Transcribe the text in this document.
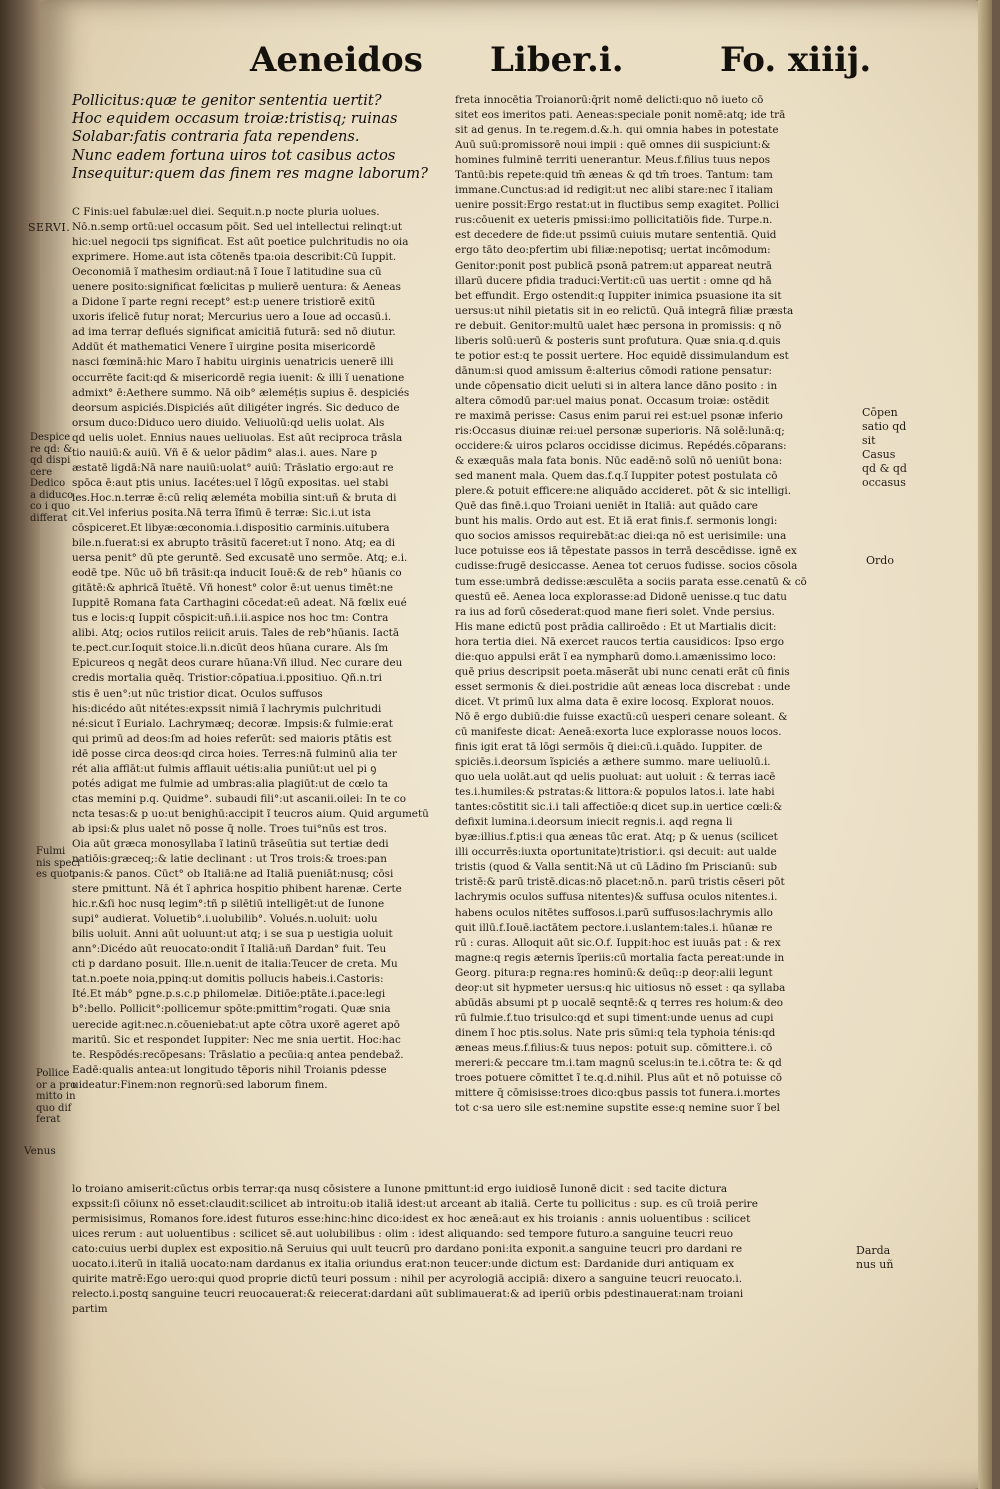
Aeneidos Liber.i.	Fo. xiiij.
Pollicitus:quæ te genitor sententia uertit?
Hoc equidem occasum troiæ:tristisq; ruinas
Solabar:fatis contraria fata rependens.
Nunc eadem fortuna uiros tot casibus actos
Insequitur:quem das finem res magne laborum?
SERVI.
Despice
re qd: &
qd dispi
cere
Dedico
a diduco
co i quo
differat
Fulmi
nis speci
es quot
Pollice
or a pro
mitto in
quo dif
ferat
Venus
Cōpen
satio qd
sit
Casus
qd & qd
occasus
Ordo
Darda
nus uñ
C Finis:uel fabulæ:uel diei. Sequit.n.p nocte pluria uolues.
Nō.n.semp ortū:uel occasum pōit. Sed uel intellectui relinqt:ut
hic:uel negocii tps significat. Est aūt poetice pulchritudis no oia
exprimere. Home.aut ista cōtenēs tpa:oia describit:Cū Iuppit.
Oeconomiā ĩ mathesim ordiaut:nā ĩ Ioue ĩ latitudine sua cū
uenere posito:significat fœlicitas p mulierē uentura: & Aeneas
a Didone ĩ parte regni recept° est:p uenere tristiorē exitū
uxoris ifelicē futuŗ norat; Mercurius uero a Ioue ad occasū.i.
ad ima terraŗ deflués significat amicitiā futurā: sed nō diutur.
Addūt ét mathematici Venere ĩ uirgine posita misericordē
nasci fœminā:hic Maro ĩ habitu uirginis uenatricis uenerē illi
occurrēte facit:qd & misericordē regia iuenit: & illi ĩ uenatione
admixt° ē:Aethere summo. Nā oib° æleméțis supius ē. despiciés
deorsum aspiciés.Dispiciés aūt diligéter ingrés. Sic deduco de
orsum duco:Diduco uero diuido. Veliuolū:qd uelis uolat. Als
qd uelis uolet. Ennius naues ueliuolas. Est aūt reciproca trāsla
tio nauiū:& auiū. Vñ ē & uelor pādim° alas.i. aues. Nare p
æstatē ligdā:Nā nare nauiū:uolat° auiū: Trāslatio ergo:aut re
spōca ē:aut ptis unius. Iacétes:uel ĩ lōgū expositas. uel stabi
les.Hoc.n.terræ ē:cū reliq æleméta mobilia sint:uñ & bruta di
cit.Vel inferius posita.Nā terra ĩfimū ē terræ: Sic.i.ut ista
cōspiceret.Et libyæ:œconomia.i.dispositio carminis.uitubera
bile.n.fuerat:si ex abrupto trāsitū faceret:ut ĩ nono. Atq; ea di
uersa penit° dū pte geruntē. Sed excusatē uno sermōe. Atq; e.i.
eodē tpe. Nūc uō bñ trāsit:qa inducit Iouē:& de reb° hūanis co
gitātē:& aphricā ĩtuētē. Vñ honest° color ē:ut uenus timēt:ne
Iuppitē Romana fata Carthagini cōcedat:eū adeat. Nā fœlix eué
tus e locis:q Iuppit cōspicit:uñ.i.ii.aspice nos hoc tm: Contra
alibi. Atq; ocios rutilos reiicit aruis. Tales de reb°hūanis. Iactā
te.pect.cur.Ioquit stoice.li.n.dicūt deos hūana curare. Als ſm
Epicureos q negāt deos curare hūana:Vñ illud. Nec curare deu
credis mortalia quēq. Tristior:cōpatiua.i.ppositiuo. Qñ.n.tri
stis ē uen°:ut nūc tristior dicat. Oculos suffusos
his:dicédo aūt nitétes:expssit nimiā ĩ lachrymis pulchritudi
né:sicut ĩ Eurialo. Lachrymæq; decoræ. Impsis:& fulmie:erat
qui primū ad deos:ſm ad hoies referūt: sed maioris ptātis est
idē posse circa deos:qd circa hoies. Terres:nā fulminū alia ter
rét alia afflāt:ut fulmis afflauit uétis:alia puniūt:ut uel pi ꝯ
potés adigat me fulmie ad umbras:alia plagiūt:ut de cœlo ta
ctas memini p.q. Quidme°. subaudi fili°:ut ascanii.oilei: In te co
ncta tesas:& p uo:ut benighū:accipit ĩ teucros aium. Quid argumetū
ab ipsi:& plus ualet nō posse q̄ nolle. Troes tui°nūs est tros.
Oia aūt græca monosyllaba ĩ latinū trāseūtia sut tertiæ dedi
natiōis:græceq;:& latie declinant : ut Tros trois:& troes:pan
panis:& panos. Cūct° ob Italiā:ne ad Italiā pueniāt:nusq; cōsi
stere pmittunt. Nā ét ĩ aphrica hospitio phibent harenæ. Certe
hic.r.&ſi hoc nusq legim°:tñ p silētiū intelligēt:ut de Iunone
supi° audierat. Voluetib°.i.uolubilib°. Volués.n.uoluit: uolu
bilis uoluit. Anni aūt uoluunt:ut atq; i se sua p uestigia uoluit
ann°:Dicédo aūt reuocato:ondit ĩ Italiā:uñ Dardan° fuit. Teu
cti p dardano posuit. Ille.n.uenit de italia:Teucer de creta. Mu
tat.n.poete noia,ppinq:ut domitis pollucis habeis.i.Castoris:
Ité.Et máb° pgne.p.s.c.p philomelæ. Ditiōe:ptāte.i.pace:legi
b°:bello. Pollicit°:pollicemur spōte:pmittim°rogati. Quæ snia
uerecide agit:nec.n.cōueniebat:ut apte cōtra uxorē ageret apō
maritū. Sic et respondet Iuppiter: Nec me snia uertit. Hoc:hac
te. Respōdés:recōpesans: Trāslatio a pecūia:q antea pendebaž.
Eadē:qualis antea:ut longitudo tēporis nihil Troianis pdesse
uideatur:Finem:non regnorū:sed laborum finem.
freta innocētia Troianorū:q̄rit nomē delicti:quo nō iueto cō
sitet eos imeritos pati. Aeneas:speciale ponit nomē:atq; ide trā
sit ad genus. In te.regem.d.&.h. qui omnia habes in potestate
Auū suū:promissorē noui impii : quē omnes dii suspiciunt:&
homines fulminē territi uenerantur. Meus.f.filius tuus nepos
Tantū:bis repete:quid tm̄ æneas & qd tm̄ troes. Tantum: tam
immane.Cunctus:ad id redigit:ut nec alibi stare:nec ĩ italiam
uenire possit:Ergo restat:ut in fluctibus semp exagitet. Pollici
rus:cōuenit ex ueteris pmissi:imo pollicitatiōis fide. Turpe.n.
est decedere de fide:ut pssimū cuiuis mutare sententiā. Quid
ergo tāto deo:pfertim ubi filiæ:nepotisq; uertat incōmodum:
Genitor:ponit post publicā psonā patrem:ut appareat neutrā
illarū ducere pfidia traduci:Vertit:cū uas uertit : omne qd hā
bet effundit. Ergo ostendit:q Iuppiter inimica psuasione ita sit
uersus:ut nihil pietatis sit in eo relictū. Quā integrā filiæ præsta
re debuit. Genitor:multū ualet hæc persona in promissis: q nō
liberis solū:uerū & posteris sunt profutura. Quæ snia.q.d.quis
te potior est:q te possit uertere. Hoc equidē dissimulandum est
dānum:si quod amissum ē:alterius cōmodi ratione pensatur:
unde cōpensatio dicit ueluti si in altera lance dāno posito : in
altera cōmodū par:uel maius ponat. Occasum troiæ: ostēdit
re maximā perisse: Casus enim parui rei est:uel psonæ inferio
ris:Occasus diuinæ rei:uel personæ superioris. Nā solē:lunā:q;
occidere:& uiros pclaros occidisse dicimus. Repédés.cōparans:
& exæquās mala fata bonis. Nūc eadē:nō solū nō ueniūt bona:
sed manent mala. Quem das.f.q.ĩ Iuppiter potest postulata cō
plere.& potuit efficere:ne aliquādo accideret. pōt & sic intelligi.
Quē das finē.i.quo Troiani ueniēt in Italiā: aut quādo care
bunt his malis. Ordo aut est. Et iā erat finis.f. sermonis longi:
quo socios amissos requirebāt:ac diei:qa nō est uerisimile: una
luce potuisse eos iā tēpestate passos in terrā descēdisse. ignē ex
cudisse:frugē desiccasse. Aenea tot ceruos fudisse. socios cōsola
tum esse:umbrā dedisse:æsculēta a sociis parata esse.cenatū & cō
questū eē. Aenea loca explorasse:ad Didonē uenisse.q tuc datu
ra ius ad forū cōsederat:quod mane fieri solet. Vnde persius.
His mane edictū post prādia calliroēdo : Et ut Martialis dicit:
hora tertia diei. Nā exercet raucos tertia causidicos: Ipso ergo
die:quo appulsi erāt ĩ ea nympharū domo.i.amænissimo loco:
quē prius descripsit poeta.mãserāt ubi nunc cenati erāt cū finis
esset sermonis & diei.postridie aūt æneas loca discrebat : unde
dicet. Vt primū lux alma data ē exire locosq. Explorat nouos.
Nō ē ergo dubiū:die fuisse exactū:cū uesperi cenare soleant. &
cū manifeste dicat: Aeneā:exorta luce explorasse nouos locos.
finis igit erat tā lōgi sermōis q̄ diei:cū.i.quādo. Iuppiter. de
spiciēs.i.deorsum ĩspiciés a æthere summo. mare ueliuolū.i.
quo uela uolāt.aut qd uelis puoluat: aut uoluit : & terras iacē
tes.i.humiles:& pstratas:& littora:& populos latos.i. late habi
tantes:cōstitit sic.i.i tali affectiōe:q dicet sup.in uertice cœli:&
defixit lumina.i.deorsum iniecit regnis.i. aqd regna li
byæ:illius.f.ptis:i qua æneas tūc erat. Atq; p & uenus (scilicet
illi occurrēs:iuxta oportunitate)tristior.i. qsi decuit: aut ualde
tristis (quod & Valla sentit:Nā ut cū Lādino ſm Priscianū: sub
tristē:& parū tristē.dicas:nō placet:nō.n. parū tristis cēseri pōt
lachrymis oculos suffusa nitentes)& suffusa oculos nitentes.i.
habens oculos nitētes suffosos.i.parū suffusos:lachrymis allo
quit illū.f.Iouē.iactātem pectore.i.uslantem:tales.i. hūanæ re
rū : curas. Alloquit aūt sic.O.f. Iuppit:hoc est iuuās pat : & rex
magne:q regis æternis ĩperiis:cū mortalia facta pereat:unde in
Georg. pitura:p regna:res hominū:& deūq::p deoŗ:alii legunt
deoŗ:ut sit hypmeter uersus:q hic uitiosus nō esset : qa syllaba
abūdās absumi pt p uocalē seqntē:& q terres res hoium:& deo
rū fulmie.f.tuo trisulco:qd et supi timent:unde uenus ad cupi
dinem ĩ hoc ptis.solus. Nate pris sūmi:q tela typhoia ténis:qd
æneas meus.f.filius:& tuus nepos: potuit sup. cōmittere.i. cō
mereri:& peccare tm.i.tam magnū scelus:in te.i.cōtra te: & qd
troes potuere cōmittet ĩ te.q.d.nihil. Plus aūt et nō potuisse cō
mittere q̄ cōmisisse:troes dico:qbus passis tot funera.i.mortes
tot c·sa uero sile est:nemine supstite esse:q nemine suor ĩ bel
lo troiano amiserit:cūctus orbis terraŗ:qa nusq cōsistere a Iunone pmittunt:id ergo iuidiosē Iunonē dicit : sed tacite dictura
expssit:ſi cōiunx nō esset:claudit:scilicet ab introitu:ob italiā idest:ut arceant ab italiā. Certe tu pollicitus : sup. es cū troiā perire
permisisimus, Romanos fore.idest futuros esse:hinc:hinc dico:idest ex hoc æneā:aut ex his troianis : annis uoluentibus : scilicet
uices rerum : aut uoluentibus : scilicet sē.aut uolubilibus : olim : idest aliquando: sed tempore futuro.a sanguine teucri reuo
cato:cuius uerbi duplex est expositio.nā Seruius qui uult teucrū pro dardano poni:ita exponit.a sanguine teucri pro dardani re
uocato.i.iterū in italiā uocato:nam dardanus ex italia oriundus erat:non teucer:unde dictum est: Dardanide duri antiquam ex
quirite matrē:Ego uero:qui quod proprie dictū teuri possum : nihil per acyrologiā accipiā: dixero a sanguine teucri reuocato.i.
relecto.i.postq sanguine teucri reuocauerat:& reiecerat:dardani aūt sublimauerat:& ad iperiū orbis pdestinauerat:nam troiani
partim
